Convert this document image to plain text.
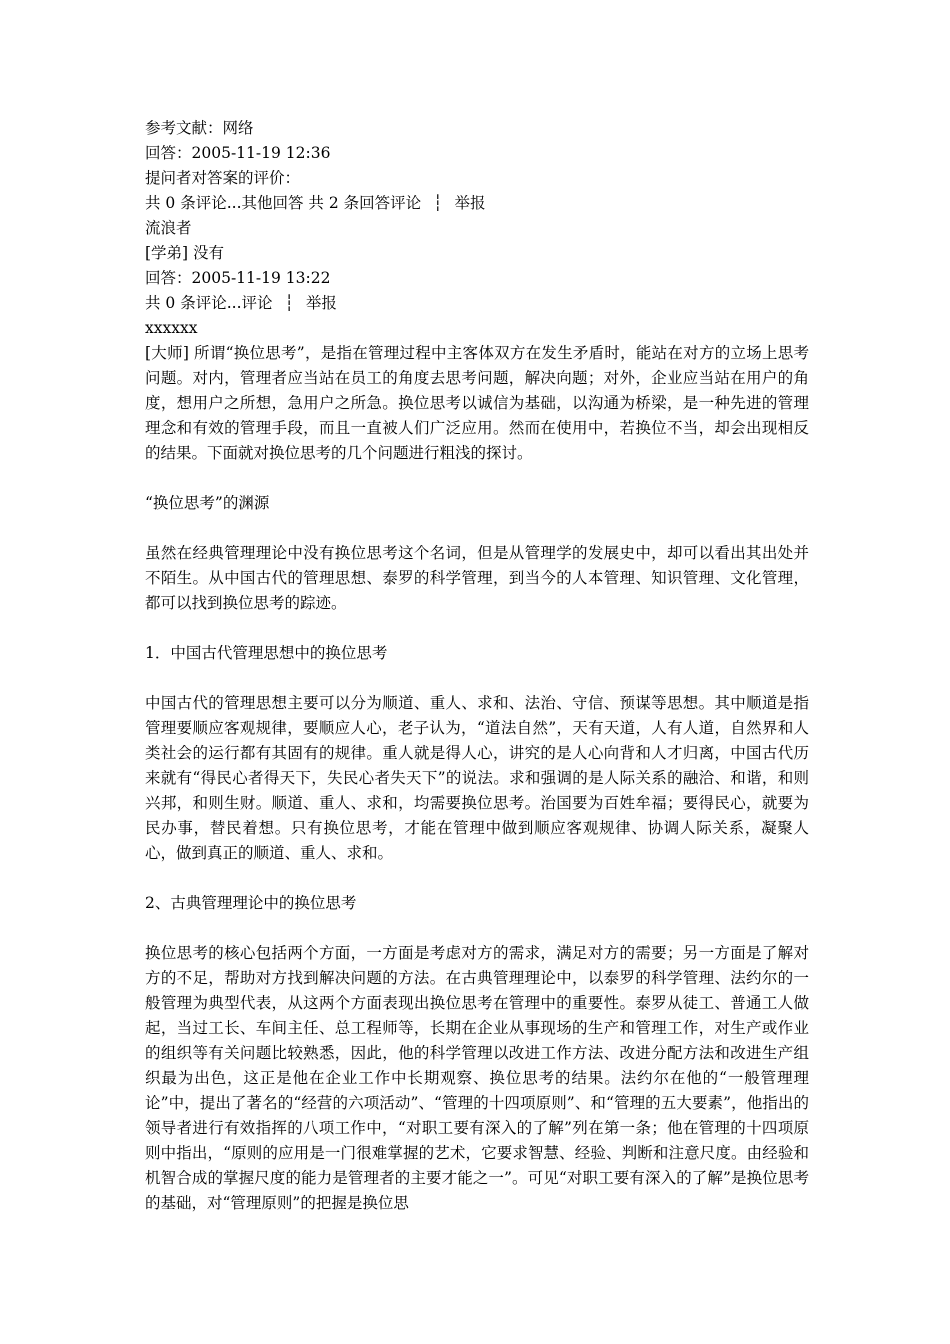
参考文献：网络
回答：2005-11-19 12:36
提问者对答案的评价：
共 0 条评论...其他回答 共 2 条回答评论 ┆ 举报
流浪者
[学弟] 没有
回答：2005-11-19 13:22
共 0 条评论...评论 ┆ 举报
xxxxxx
[大师] 所谓“换位思考”，是指在管理过程中主客体双方在发生矛盾时，能站在对方的立场上思考问题。对内，管理者应当站在员工的角度去思考问题，解决向题；对外，企业应当站在用户的角度，想用户之所想，急用户之所急。换位思考以诚信为基础，以沟通为桥梁，是一种先进的管理理念和有效的管理手段，而且一直被人们广泛应用。然而在使用中，若换位不当，却会出现相反的结果。下面就对换位思考的几个问题进行粗浅的探讨。
“换位思考”的渊源
虽然在经典管理理论中没有换位思考这个名词，但是从管理学的发展史中，却可以看出其出处并不陌生。从中国古代的管理思想、泰罗的科学管理，到当今的人本管理、知识管理、文化管理，都可以找到换位思考的踪迹。
1．中国古代管理思想中的换位思考
中国古代的管理思想主要可以分为顺道、重人、求和、法治、守信、预谋等思想。其中顺道是指管理要顺应客观规律，要顺应人心，老子认为，“道法自然”，天有天道，人有人道，自然界和人类社会的运行都有其固有的规律。重人就是得人心，讲究的是人心向背和人才归离，中国古代历来就有“得民心者得天下，失民心者失天下”的说法。求和强调的是人际关系的融洽、和谐，和则兴邦，和则生财。顺道、重人、求和，均需要换位思考。治国要为百姓牟福；要得民心，就要为民办事，替民着想。只有换位思考，才能在管理中做到顺应客观规律、协调人际关系，凝聚人心，做到真正的顺道、重人、求和。
2、古典管理理论中的换位思考
换位思考的核心包括两个方面，一方面是考虑对方的需求，满足对方的需要；另一方面是了解对方的不足，帮助对方找到解决问题的方法。在古典管理理论中，以泰罗的科学管理、法约尔的一般管理为典型代表，从这两个方面表现出换位思考在管理中的重要性。泰罗从徒工、普通工人做起，当过工长、车间主任、总工程师等，长期在企业从事现场的生产和管理工作，对生产或作业的组织等有关问题比较熟悉，因此，他的科学管理以改进工作方法、改进分配方法和改进生产组织最为出色，这正是他在企业工作中长期观察、换位思考的结果。法约尔在他的“一般管理理论”中，提出了著名的“经营的六项活动”、“管理的十四项原则”、和“管理的五大要素”，他指出的领导者进行有效指挥的八项工作中，“对职工要有深入的了解”列在第一条；他在管理的十四项原则中指出，“原则的应用是一门很难掌握的艺术，它要求智慧、经验、判断和注意尺度。由经验和机智合成的掌握尺度的能力是管理者的主要才能之一”。可见“对职工要有深入的了解”是换位思考的基础，对“管理原则”的把握是换位思
